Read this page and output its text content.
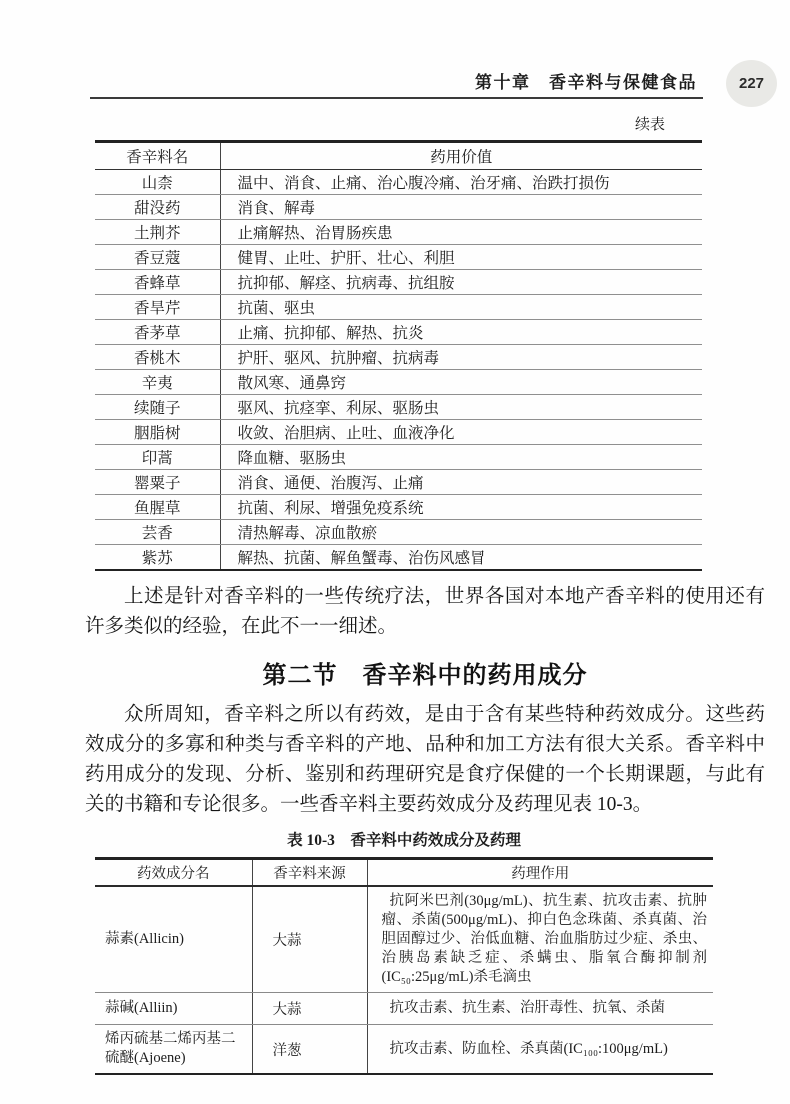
第十章　香辛料与保健食品	227
续表
香辛料名	药用价值
山柰	温中、消食、止痛、治心腹冷痛、治牙痛、治跌打损伤
甜没药	消食、解毒
土荆芥	止痛解热、治胃肠疾患
香豆蔻	健胃、止吐、护肝、壮心、利胆
香蜂草	抗抑郁、解痉、抗病毒、抗组胺
香旱芹	抗菌、驱虫
香茅草	止痛、抗抑郁、解热、抗炎
香桃木	护肝、驱风、抗肿瘤、抗病毒
辛夷	散风寒、通鼻窍
续随子	驱风、抗痉挛、利尿、驱肠虫
胭脂树	收敛、治胆病、止吐、血液净化
印蒿	降血糖、驱肠虫
罂粟子	消食、通便、治腹泻、止痛
鱼腥草	抗菌、利尿、增强免疫系统
芸香	清热解毒、凉血散瘀
紫苏	解热、抗菌、解鱼蟹毒、治伤风感冒

上述是针对香辛料的一些传统疗法，世界各国对本地产香辛料的使用还有许多类似的经验，在此不一一细述。

第二节　香辛料中的药用成分

众所周知，香辛料之所以有药效，是由于含有某些特种药效成分。这些药效成分的多寡和种类与香辛料的产地、品种和加工方法有很大关系。香辛料中药用成分的发现、分析、鉴别和药理研究是食疗保健的一个长期课题，与此有关的书籍和专论很多。一些香辛料主要药效成分及药理见表 10-3。

表 10-3　香辛料中药效成分及药理
药效成分名	香辛料来源	药理作用
蒜素(Allicin)	大蒜	抗阿米巴剂(30μg/mL)、抗生素、抗攻击素、抗肿瘤、杀菌(500μg/mL)、抑白色念珠菌、杀真菌、治胆固醇过少、治低血糖、治血脂肪过少症、杀虫、治胰岛素缺乏症、杀螨虫、脂氧合酶抑制剂(IC₅₀:25μg/mL)杀毛滴虫
蒜碱(Alliin)	大蒜	抗攻击素、抗生素、治肝毒性、抗氧、杀菌
烯丙硫基二烯丙基二硫醚(Ajoene)	洋葱	抗攻击素、防血栓、杀真菌(IC₁₀₀:100μg/mL)
